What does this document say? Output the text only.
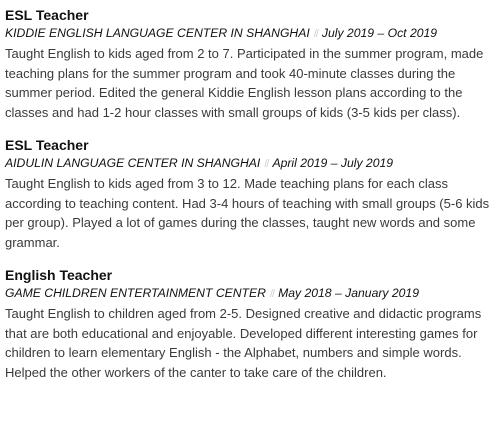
ESL Teacher
KIDDIE ENGLISH LANGUAGE CENTER IN SHANGHAI // July 2019 – Oct 2019

Taught English to kids aged from 2 to 7. Participated in the summer program, made teaching plans for the summer program and took 40-minute classes during the summer period. Edited the general Kiddie English lesson plans according to the classes and had 1-2 hour classes with small groups of kids (3-5 kids per class).

ESL Teacher
AIDULIN LANGUAGE CENTER IN SHANGHAI // April 2019 – July 2019

Taught English to kids aged from 3 to 12. Made teaching plans for each class according to teaching content. Had 3-4 hours of teaching with small groups (5-6 kids per group). Played a lot of games during the classes, taught new words and some grammar.

English Teacher
GAME CHILDREN ENTERTAINMENT CENTER // May 2018 – January 2019

Taught English to children aged from 2-5. Designed creative and didactic programs that are both educational and enjoyable. Developed different interesting games for children to learn elementary English - the Alphabet, numbers and simple words. Helped the other workers of the canter to take care of the children.
